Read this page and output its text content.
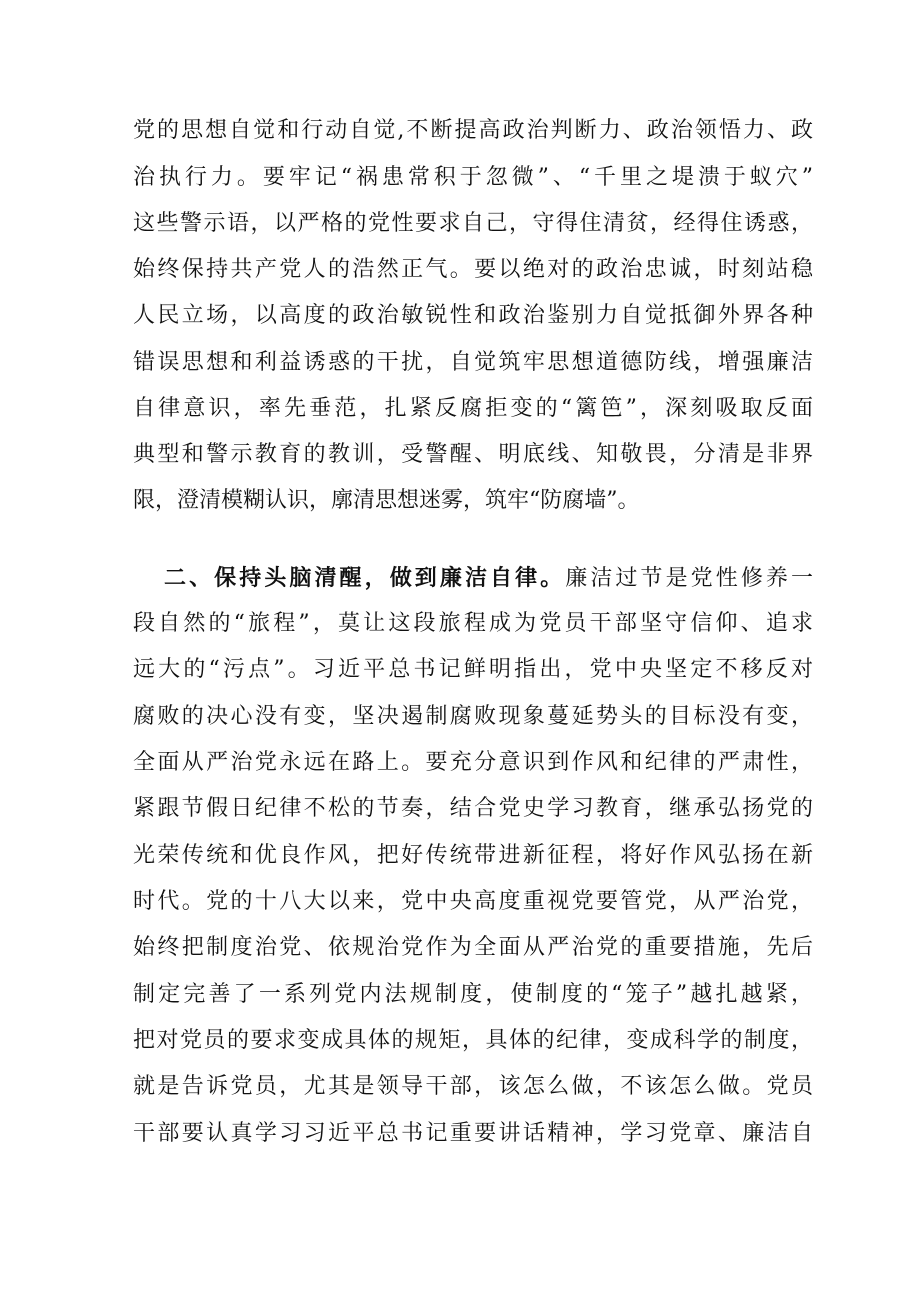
党的思想自觉和行动自觉,不断提高政治判断力、政治领悟力、政
治执行力。要牢记“祸患常积于忽微”、“千里之堤溃于蚁穴”
这些警示语，以严格的党性要求自己，守得住清贫，经得住诱惑，
始终保持共产党人的浩然正气。要以绝对的政治忠诚，时刻站稳
人民立场，以高度的政治敏锐性和政治鉴别力自觉抵御外界各种
错误思想和利益诱惑的干扰，自觉筑牢思想道德防线，增强廉洁
自律意识，率先垂范，扎紧反腐拒变的“篱笆”，深刻吸取反面
典型和警示教育的教训，受警醒、明底线、知敬畏，分清是非界
限，澄清模糊认识，廓清思想迷雾，筑牢“防腐墙”。
二、保持头脑清醒，做到廉洁自律。廉洁过节是党性修养一
段自然的“旅程”，莫让这段旅程成为党员干部坚守信仰、追求
远大的“污点”。习近平总书记鲜明指出，党中央坚定不移反对
腐败的决心没有变，坚决遏制腐败现象蔓延势头的目标没有变，
全面从严治党永远在路上。要充分意识到作风和纪律的严肃性，
紧跟节假日纪律不松的节奏，结合党史学习教育，继承弘扬党的
光荣传统和优良作风，把好传统带进新征程，将好作风弘扬在新
时代。党的十八大以来，党中央高度重视党要管党，从严治党，
始终把制度治党、依规治党作为全面从严治党的重要措施，先后
制定完善了一系列党内法规制度，使制度的“笼子”越扎越紧，
把对党员的要求变成具体的规矩，具体的纪律，变成科学的制度，
就是告诉党员，尤其是领导干部，该怎么做，不该怎么做。党员
干部要认真学习习近平总书记重要讲话精神，学习党章、廉洁自
